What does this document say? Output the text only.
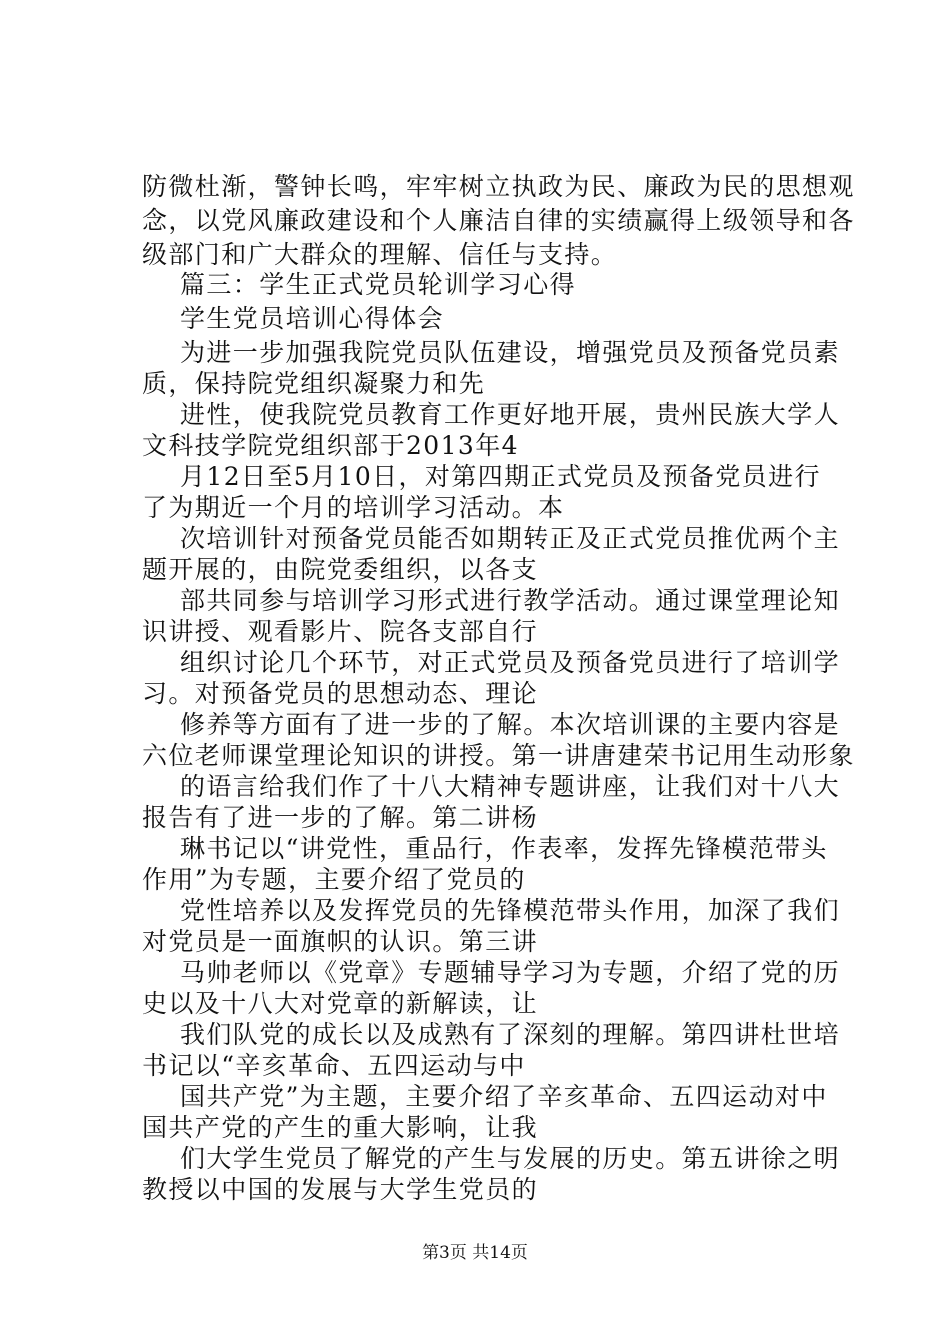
防微杜渐，警钟长鸣，牢牢树立执政为民、廉政为民的思想观
念，以党风廉政建设和个人廉洁自律的实绩赢得上级领导和各
级部门和广大群众的理解、信任与支持。
篇三：学生正式党员轮训学习心得
学生党员培训心得体会
为进一步加强我院党员队伍建设，增强党员及预备党员素
质，保持院党组织凝聚力和先
进性，使我院党员教育工作更好地开展，贵州民族大学人
文科技学院党组织部于2013年4
月12日至5月10日，对第四期正式党员及预备党员进行
了为期近一个月的培训学习活动。本
次培训针对预备党员能否如期转正及正式党员推优两个主
题开展的，由院党委组织，以各支
部共同参与培训学习形式进行教学活动。通过课堂理论知
识讲授、观看影片、院各支部自行
组织讨论几个环节，对正式党员及预备党员进行了培训学
习。对预备党员的思想动态、理论
修养等方面有了进一步的了解。本次培训课的主要内容是
六位老师课堂理论知识的讲授。第一讲唐建荣书记用生动形象
的语言给我们作了十八大精神专题讲座，让我们对十八大
报告有了进一步的了解。第二讲杨
琳书记以“讲党性，重品行，作表率，发挥先锋模范带头
作用”为专题，主要介绍了党员的
党性培养以及发挥党员的先锋模范带头作用，加深了我们
对党员是一面旗帜的认识。第三讲
马帅老师以《党章》专题辅导学习为专题，介绍了党的历
史以及十八大对党章的新解读，让
我们队党的成长以及成熟有了深刻的理解。第四讲杜世培
书记以“辛亥革命、五四运动与中
国共产党”为主题，主要介绍了辛亥革命、五四运动对中
国共产党的产生的重大影响，让我
们大学生党员了解党的产生与发展的历史。第五讲徐之明
教授以中国的发展与大学生党员的
第3页 共14页
